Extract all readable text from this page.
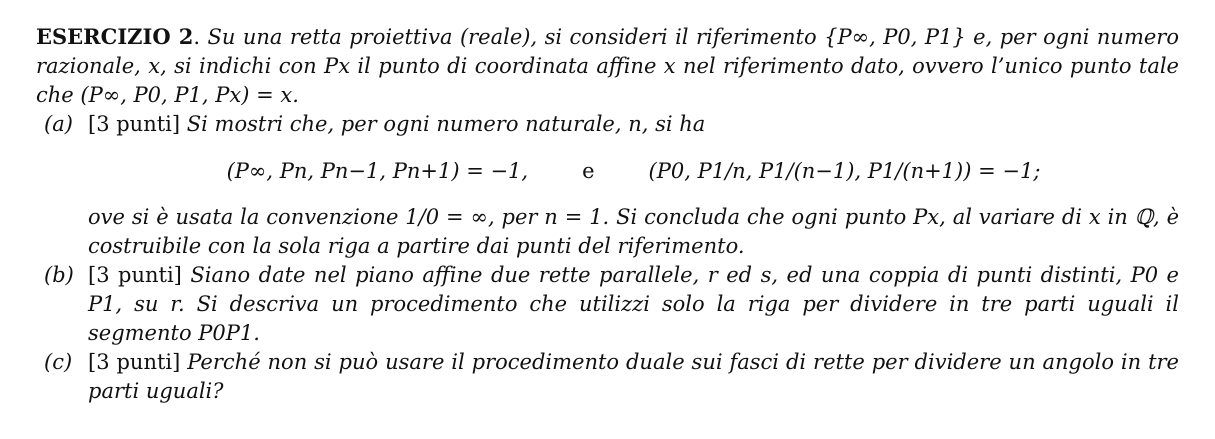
ESERCIZIO 2. Su una retta proiettiva (reale), si consideri il riferimento {P∞, P0, P1} e, per ogni numero razionale, x, si indichi con Px il punto di coordinata affine x nel riferimento dato, ovvero l’unico punto tale che (P∞, P0, P1, Px) = x.
(a) [3 punti] Si mostri che, per ogni numero naturale, n, si ha
(P∞, Pn, Pn−1, Pn+1) = −1,	e	(P0, P1/n, P1/(n−1), P1/(n+1)) = −1;
ove si è usata la convenzione 1/0 = ∞, per n = 1. Si concluda che ogni punto Px, al variare di x in ℚ, è costruibile con la sola riga a partire dai punti del riferimento.
(b) [3 punti] Siano date nel piano affine due rette parallele, r ed s, ed una coppia di punti distinti, P0 e P1, su r. Si descriva un procedimento che utilizzi solo la riga per dividere in tre parti uguali il segmento P0P1.
(c) [3 punti] Perché non si può usare il procedimento duale sui fasci di rette per dividere un angolo in tre parti uguali?
